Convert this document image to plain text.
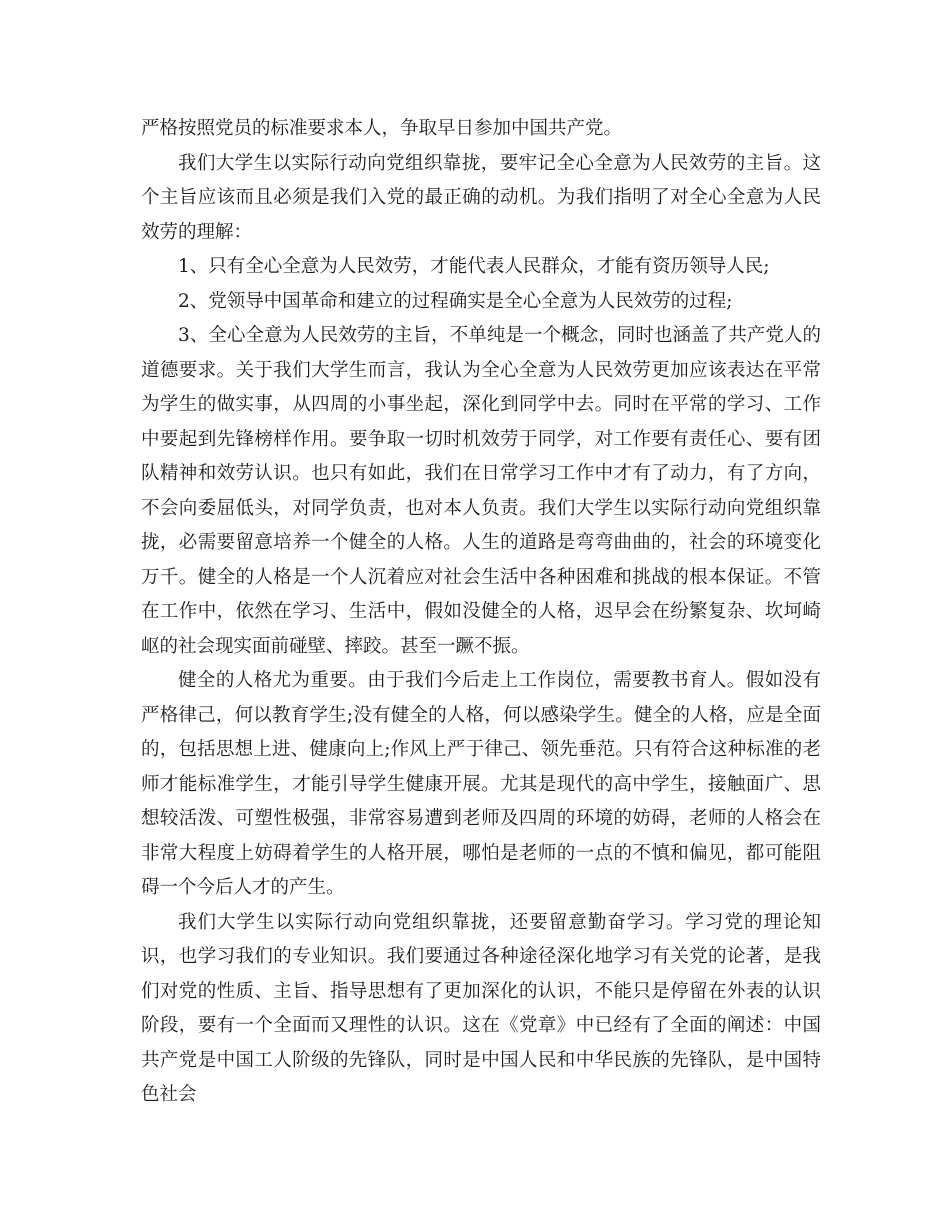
严格按照党员的标准要求本人，争取早日参加中国共产党。

我们大学生以实际行动向党组织靠拢，要牢记全心全意为人民效劳的主旨。这个主旨应该而且必须是我们入党的最正确的动机。为我们指明了对全心全意为人民效劳的理解：

1、只有全心全意为人民效劳，才能代表人民群众，才能有资历领导人民;

2、党领导中国革命和建立的过程确实是全心全意为人民效劳的过程;

3、全心全意为人民效劳的主旨，不单纯是一个概念，同时也涵盖了共产党人的道德要求。关于我们大学生而言，我认为全心全意为人民效劳更加应该表达在平常为学生的做实事，从四周的小事坐起，深化到同学中去。同时在平常的学习、工作中要起到先锋榜样作用。要争取一切时机效劳于同学，对工作要有责任心、要有团队精神和效劳认识。也只有如此，我们在日常学习工作中才有了动力，有了方向，不会向委屈低头，对同学负责，也对本人负责。我们大学生以实际行动向党组织靠拢，必需要留意培养一个健全的人格。人生的道路是弯弯曲曲的，社会的环境变化万千。健全的人格是一个人沉着应对社会生活中各种困难和挑战的根本保证。不管在工作中，依然在学习、生活中，假如没健全的人格，迟早会在纷繁复杂、坎坷崎岖的社会现实面前碰壁、摔跤。甚至一蹶不振。

健全的人格尤为重要。由于我们今后走上工作岗位，需要教书育人。假如没有严格律己，何以教育学生;没有健全的人格，何以感染学生。健全的人格，应是全面的，包括思想上进、健康向上;作风上严于律己、领先垂范。只有符合这种标准的老师才能标准学生，才能引导学生健康开展。尤其是现代的高中学生，接触面广、思想较活泼、可塑性极强，非常容易遭到老师及四周的环境的妨碍，老师的人格会在非常大程度上妨碍着学生的人格开展，哪怕是老师的一点的不慎和偏见，都可能阻碍一个今后人才的产生。

我们大学生以实际行动向党组织靠拢，还要留意勤奋学习。学习党的理论知识，也学习我们的专业知识。我们要通过各种途径深化地学习有关党的论著，是我们对党的性质、主旨、指导思想有了更加深化的认识，不能只是停留在外表的认识阶段，要有一个全面而又理性的认识。这在《党章》中已经有了全面的阐述：中国共产党是中国工人阶级的先锋队，同时是中国人民和中华民族的先锋队，是中国特色社会
